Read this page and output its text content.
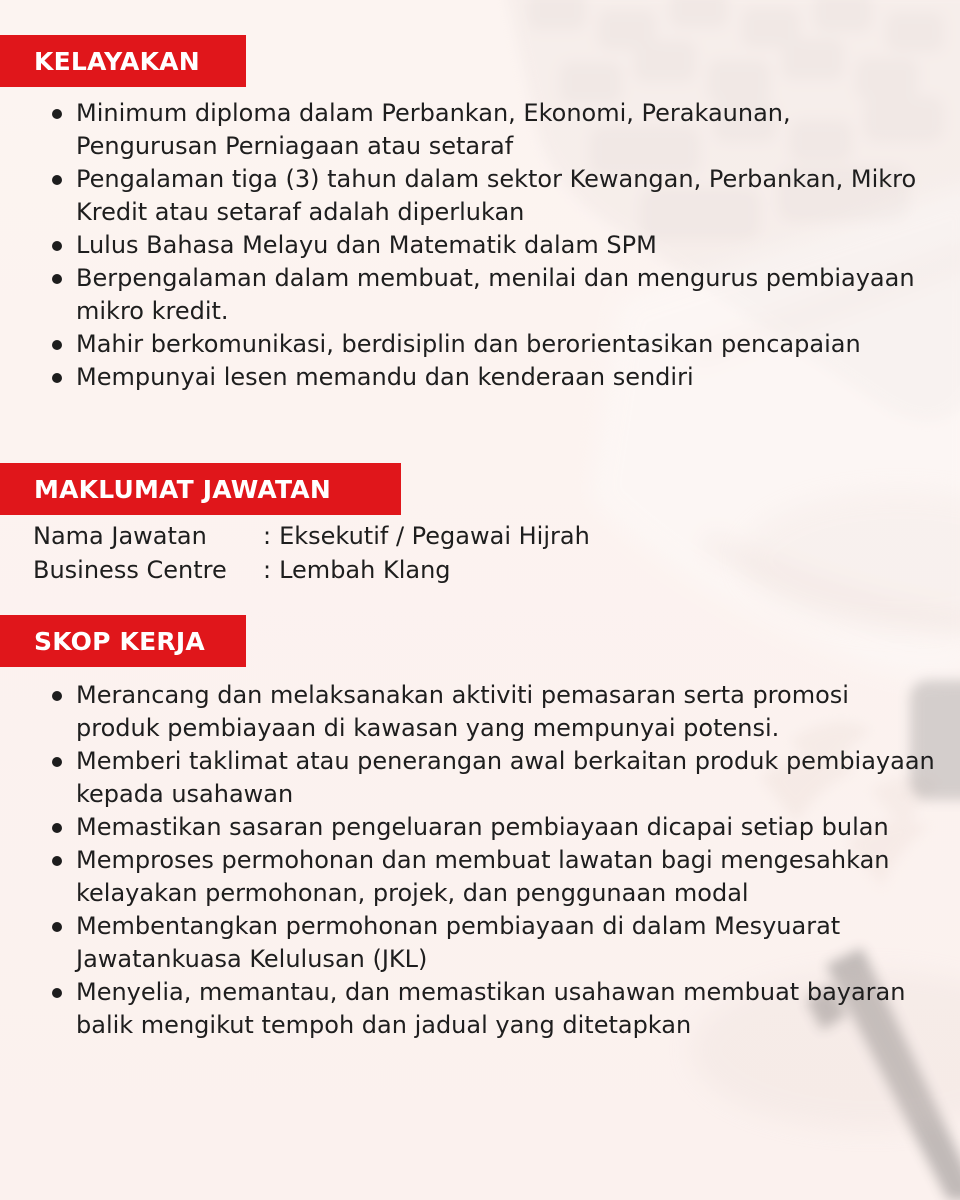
KELAYAKAN
Minimum diploma dalam Perbankan, Ekonomi, Perakaunan, Pengurusan Perniagaan atau setaraf
Pengalaman tiga (3) tahun dalam sektor Kewangan, Perbankan, Mikro Kredit atau setaraf adalah diperlukan
Lulus Bahasa Melayu dan Matematik dalam SPM
Berpengalaman dalam membuat, menilai dan mengurus pembiayaan mikro kredit.
Mahir berkomunikasi, berdisiplin dan berorientasikan pencapaian
Mempunyai lesen memandu dan kenderaan sendiri
MAKLUMAT JAWATAN
Nama Jawatan	: Eksekutif / Pegawai Hijrah
Business Centre	: Lembah Klang
SKOP KERJA
Merancang dan melaksanakan aktiviti pemasaran serta promosi produk pembiayaan di kawasan yang mempunyai potensi.
Memberi taklimat atau penerangan awal berkaitan produk pembiayaan kepada usahawan
Memastikan sasaran pengeluaran pembiayaan dicapai setiap bulan
Memproses permohonan dan membuat lawatan bagi mengesahkan kelayakan permohonan, projek, dan penggunaan modal
Membentangkan permohonan pembiayaan di dalam Mesyuarat Jawatankuasa Kelulusan (JKL)
Menyelia, memantau, dan memastikan usahawan membuat bayaran balik mengikut tempoh dan jadual yang ditetapkan
